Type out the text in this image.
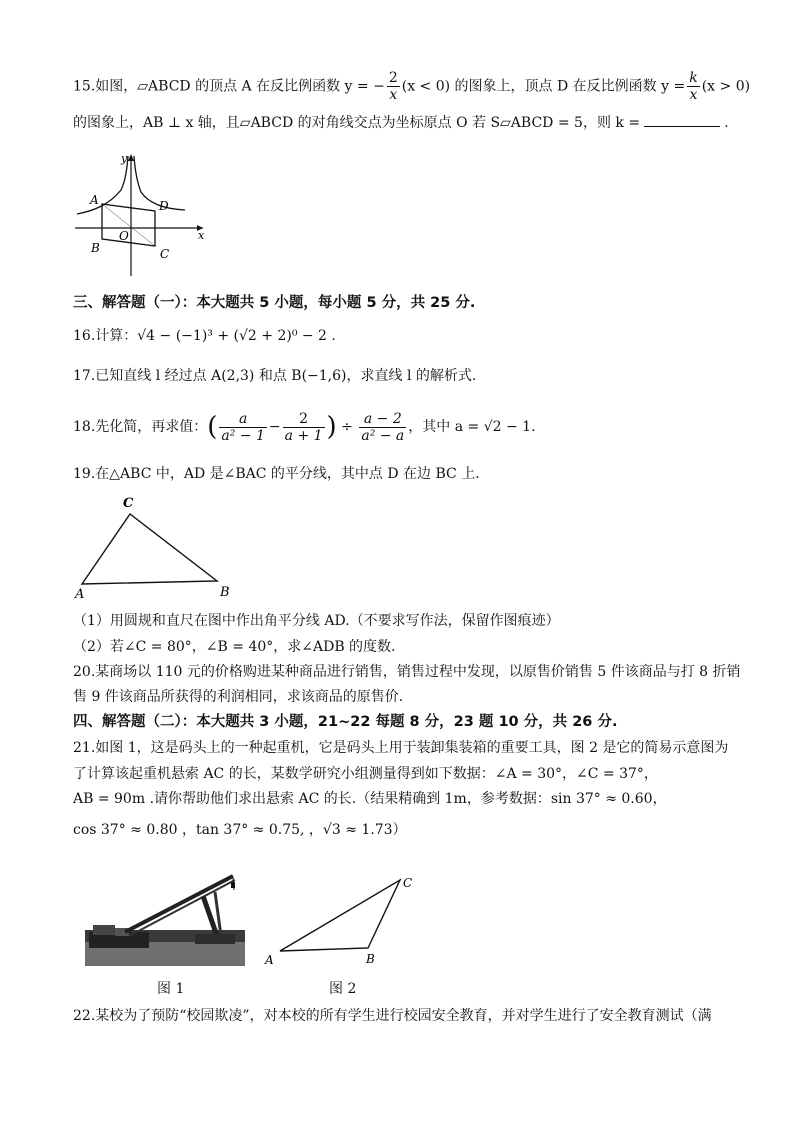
15.如图，▱ABCD 的顶点 A 在反比例函数 y = − $\frac{2}{x} (x < 0)$ 的图象上，顶点 D 在反比例函数 $y = \frac{k}{x} (x > 0)$
的图象上，AB ⊥ x 轴，且▱ABCD 的对角线交点为坐标原点 O 若 S▱ABCD = 5，则 k =	.
x
y
A	D
B	C
O
三、解答题（一）：本大题共 5 小题，每小题 5 分，共 25 分.
16.计算：√4 − (−1)³ + (√2 + 2)⁰ − 2 .
17.已知直线 l 经过点 A(2,3) 和点 B(−1,6)，求直线 l 的解析式.
18.先化简，再求值：( $\frac{a}{\text{a² − 1}} - \frac{2}{a + 1}$ ) ÷ $\frac{a - 2}{\text{a² − a}}$ ，其中 a = √2 − 1.
19.在△ABC 中，AD 是∠BAC 的平分线，其中点 D 在边 BC 上.
C
A	B
（1）用圆规和直尺在图中作出角平分线 AD.（不要求写作法，保留作图痕迹）
（2）若∠C = 80°，∠B = 40°，求∠ADB 的度数.
20.某商场以 110 元的价格购进某种商品进行销售，销售过程中发现，以原售价销售 5 件该商品与打 8 折销
售 9 件该商品所获得的利润相同，求该商品的原售价.
四、解答题（二）：本大题共 3 小题，21~22 每题 8 分，23 题 10 分，共 26 分.
21.如图 1，这是码头上的一种起重机，它是码头上用于装卸集装箱的重要工具，图 2 是它的简易示意图为
了计算该起重机悬索 AC 的长，某数学研究小组测量得到如下数据：∠A = 30°，∠C = 37°，
AB = 90m .请你帮助他们求出悬索 AC 的长.（结果精确到 1m，参考数据：sin 37° ≈ 0.60，
cos 37° ≈ 0.80 ，tan 37° ≈ 0.75, ，√3 ≈ 1.73）
A	B
C
图 1	图 2
22.某校为了预防“校园欺凌”，对本校的所有学生进行校园安全教育，并对学生进行了安全教育测试（满
